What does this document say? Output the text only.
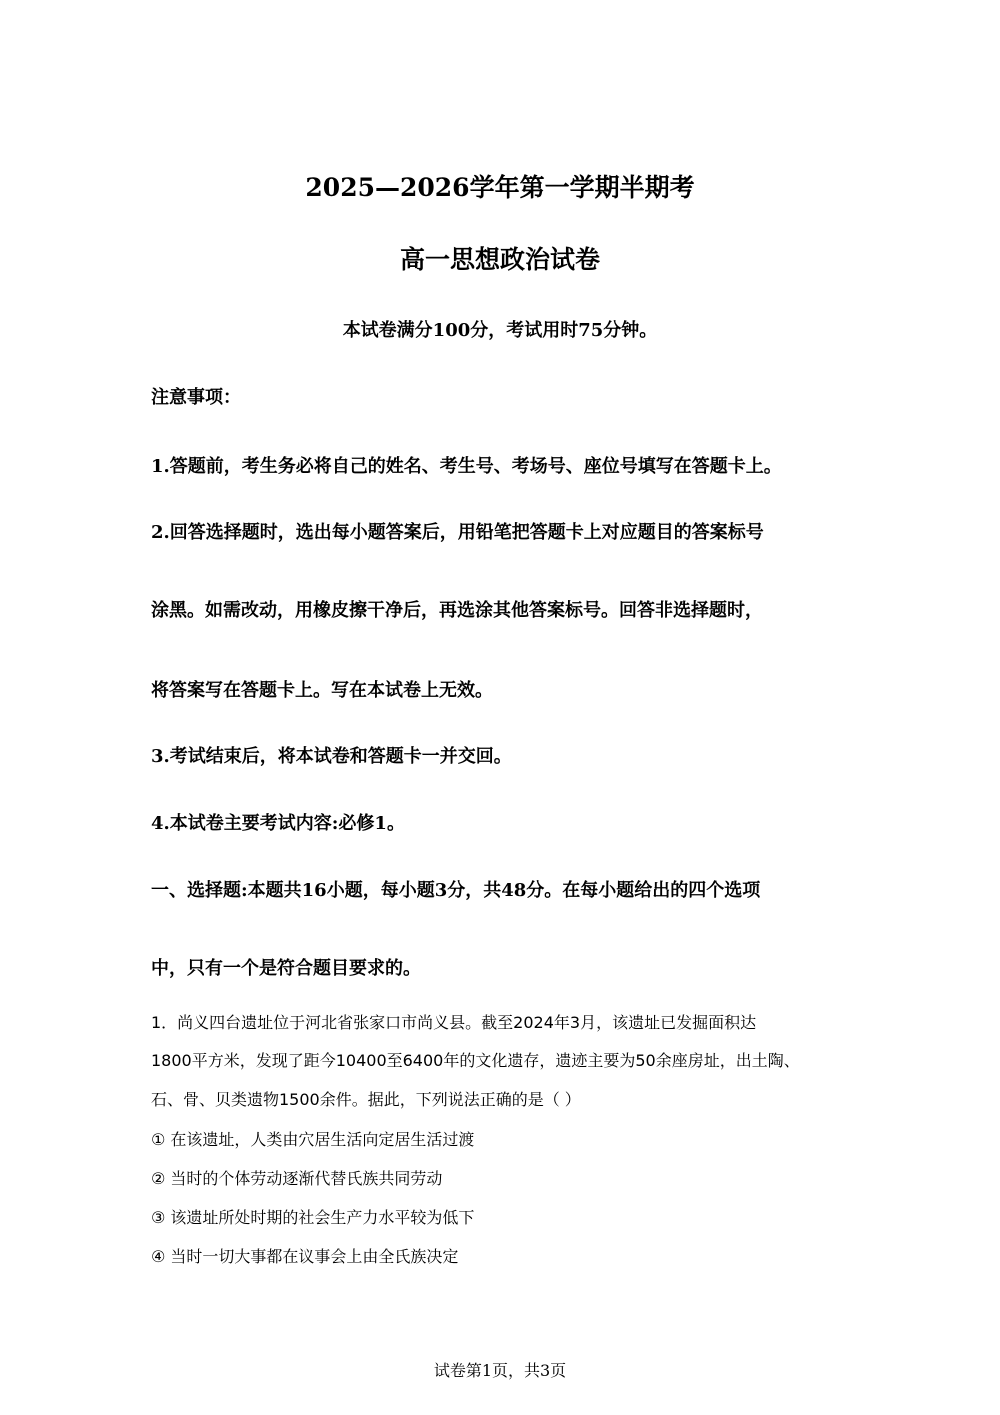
2025—2026学年第一学期半期考
高一思想政治试卷
本试卷满分100分，考试用时75分钟。
注意事项：
1.答题前，考生务必将自己的姓名、考生号、考场号、座位号填写在答题卡上。
2.回答选择题时，选出每小题答案后，用铅笔把答题卡上对应题目的答案标号
涂黑。如需改动，用橡皮擦干净后，再选涂其他答案标号。回答非选择题时，
将答案写在答题卡上。写在本试卷上无效。
3.考试结束后，将本试卷和答题卡一并交回。
4.本试卷主要考试内容:必修1。
一、选择题:本题共16小题，每小题3分，共48分。在每小题给出的四个选项
中，只有一个是符合题目要求的。
1．尚义四台遗址位于河北省张家口市尚义县。截至2024年3月，该遗址已发掘面积达
1800平方米，发现了距今10400至6400年的文化遗存，遗迹主要为50余座房址，出土陶、
石、骨、贝类遗物1500余件。据此，下列说法正确的是（ ）
① 在该遗址，人类由穴居生活向定居生活过渡
② 当时的个体劳动逐渐代替氏族共同劳动
③ 该遗址所处时期的社会生产力水平较为低下
④ 当时一切大事都在议事会上由全氏族决定
试卷第1页，共3页
